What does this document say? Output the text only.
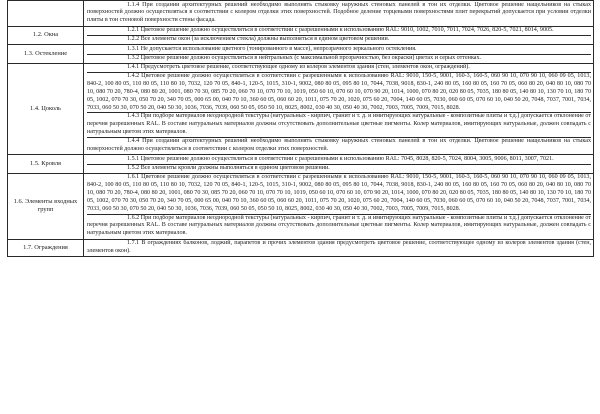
	1.1.4 При создании архитектурных решений необходимо выполнять стыковку наружных стеновых панелей в тон их отделки. Цветовое решение нащельников на стыках поверхностей должно осуществляться в соответствии с колером отделки этих поверхностей. Подобное деление торцевыми поверхностями плит перекрытий допускается при условии отделки плиты в тон стеновой поверхности стены фасада.

1.2. Окна	1.2.1 Цветовое решение должно осуществляться в соответствии с разрешенными к использованию RAL: 9010, 1002, 7010, 7011, 7024, 7026, 820-5, 7021, 8014, 9005.

1.2.2 Все элементы окон (за исключением стекла) должны выполняться в едином цветовом решении.

1.3. Остекление	1.3.1 Не допускается использование цветного (тонированного в массе), непрозрачного зеркального остекления.

1.3.2 Цветовое решение должно осуществляться в нейтральных (с максимальной прозрачностью, без окраски) цветах и серых оттенках.

1.4. Цоколь	1.4.1 Предусмотреть цветовое решение, соответствующее одному из колеров элементов здания (стен, элементов окон, ограждений).

1.4.2 Цветовое решение должно осуществляться в соответствии с разрешенными к использованию RAL: 9010, 150-5, 9001, 160-3, 160-5, 060 90 10, 070 90 10, 060 09 05, 1013, 840-2, 100 80 05, 110 80 05, 110 80 10, 7032, 120 70 05, 840-1, 120-5, 1015, 310-1, 9002, 080 80 05, 095 80 10, 7044, 7038, 9018, 830-1, 240 80 05, 160 80 05, 160 70 05, 060 80 20, 040 80 10, 080 70 10, 080 70 20, 780-4, 080 80 20, 1001, 080 70 30, 085 70 20, 060 70 10, 070 70 10, 1019, 050 60 10, 070 60 10, 070 90 20, 1014, 1000, 070 80 20, 020 80 05, 7035, 180 80 05, 140 80 10, 130 70 10, 180 70 05, 1002, 070 70 30, 050 70 20, 340 70 05, 000 65 00, 040 70 10, 360 60 05, 060 60 20, 1011, 075 70 20, 1020, 075 60 20, 7004, 140 60 05, 7030, 060 60 05, 070 60 10, 040 50 20, 7048, 7037, 7001, 7034, 7033, 060 50 30, 070 50 20, 040 50 30, 1036, 7036, 7039, 060 50 05, 050 50 10, 8025, 8002, 030 40 30, 050 40 30, 7002, 7003, 7005, 7009, 7015, 8028.

1.4.3 При подборе материалов неоднородной текстуры (натуральных - кирпич, гранит и т. д. и имитирующих натуральные - композитные плиты и т.д.) допускается отклонение от перечня разрешенных RAL. В составе натуральных материалов должны отсутствовать дополнительные цветные пигменты. Колер материалов, имитирующих натуральные, должен совпадать с натуральным цветом этих материалов.

1.4.4 При создании архитектурных решений необходимо выполнять стыковку наружных стеновых панелей в тон их отделки. Цветовое решение нащельников на стыках поверхностей должно осуществляться в соответствии с колером отделки этих поверхностей.

1.5. Кровля	1.5.1 Цветовое решение должно осуществляться в соответствии с разрешенными к использованию RAL: 7045, 8028, 820-5, 7024, 8004, 3005, 9006, 8011, 3007, 7021.

1.5.2 Все элементы кровли должны выполняться в едином цветовом решении.

1.6. Элементы входных групп	1.6.1 Цветовое решение должно осуществляться в соответствии с разрешенными к использованию RAL: 9010, 150-5, 9001, 160-3, 160-5, 060 90 10, 070 90 10, 060 09 05, 1013, 840-2, 100 80 05, 110 80 05, 110 80 10, 7032, 120 70 05, 840-1, 120-5, 1015, 310-1, 9002, 080 80 05, 095 80 10, 7044, 7038, 9018, 830-1, 240 80 05, 160 80 05, 160 70 05, 060 80 20, 040 80 10, 080 70 10, 080 70 20, 780-4, 080 80 20, 1001, 080 70 30, 085 70 20, 060 70 10, 070 70 10, 1019, 050 60 10, 070 60 10, 070 90 20, 1014, 1000, 070 80 20, 020 80 05, 7035, 180 80 05, 140 80 10, 130 70 10, 180 70 05, 1002, 070 70 30, 050 70 20, 340 70 05, 000 65 00, 040 70 10, 360 60 05, 060 60 20, 1011, 075 70 20, 1020, 075 60 20, 7004, 140 60 05, 7030, 060 60 05, 070 60 10, 040 50 20, 7048, 7037, 7001, 7034, 7033, 060 50 30, 070 50 20, 040 50 30, 1036, 7036, 7039, 060 50 05, 050 50 10, 8025, 8002, 030 40 30, 050 40 30, 7002, 7003, 7005, 7009, 7015, 8028.

1.6.2 При подборе материалов неоднородной текстуры (натуральных - кирпич, гранит и т. д. и имитирующих натуральные - композитные плиты и т.д.) допускается отклонение от перечня разрешенных RAL. В составе натуральных материалов должны отсутствовать дополнительные цветные пигменты. Колер материалов, имитирующих натуральные, должен совпадать с натуральным цветом этих материалов.

1.7. Ограждения	1.7.1 В ограждениях балконов, лоджий, парапетов и прочих элементов здания предусмотреть цветовое решение, соответствующее одному из колеров элементов здания (стен, элементов окон).
